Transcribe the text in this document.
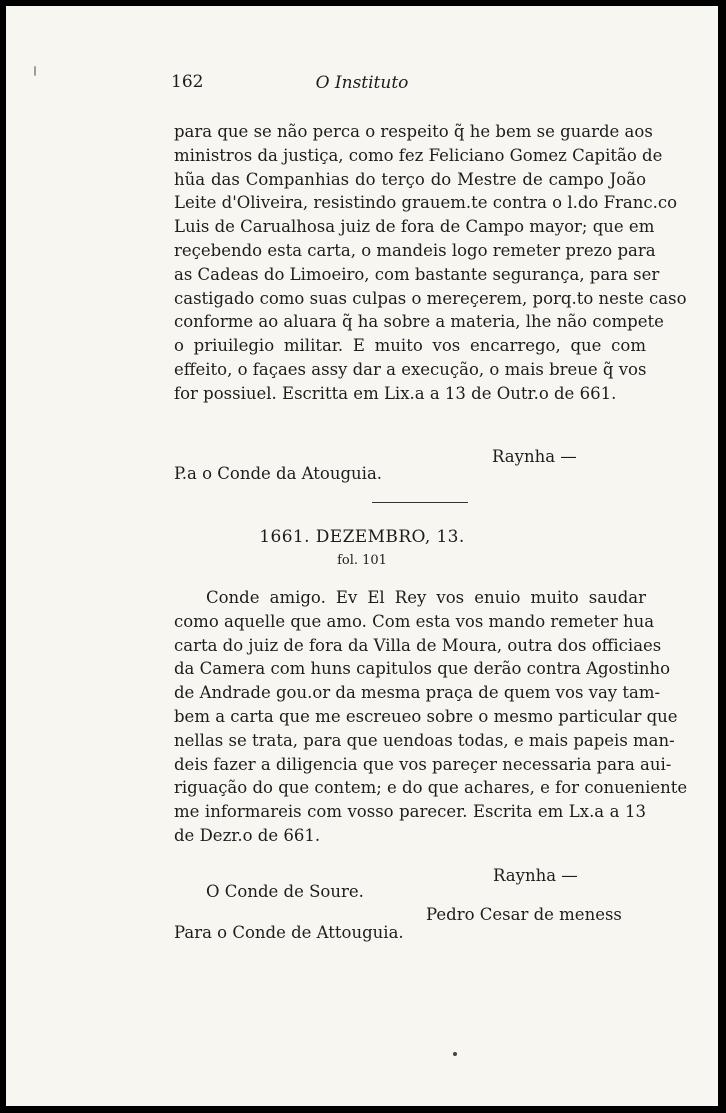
162	O Instituto
para que se não perca o respeito q̃ he bem se guarde aos
ministros da justiça, como fez Feliciano Gomez Capitão de
hũa das Companhias do terço do Mestre de campo João
Leite d'Oliveira, resistindo grauem.te contra o l.do Franc.co
Luis de Carualhosa juiz de fora de Campo mayor; que em
reçebendo esta carta, o mandeis logo remeter prezo para
as Cadeas do Limoeiro, com bastante segurança, para ser
castigado como suas culpas o mereçerem, porq.to neste caso
conforme ao aluara q̃ ha sobre a materia, lhe não compete
o priuilegio militar. E muito vos encarrego, que com
effeito, o façaes assy dar a execução, o mais breue q̃ vos
for possiuel. Escritta em Lix.a a 13 de Outr.o de 661.
Raynha —
P.a o Conde da Atouguia.
1661. DEZEMBRO, 13.
fol. 101
Conde amigo. Ev El Rey vos enuio muito saudar
como aquelle que amo. Com esta vos mando remeter hua
carta do juiz de fora da Villa de Moura, outra dos officiaes
da Camera com huns capitulos que derão contra Agostinho
de Andrade gou.or da mesma praça de quem vos vay tam-
bem a carta que me escreueo sobre o mesmo particular que
nellas se trata, para que uendoas todas, e mais papeis man-
deis fazer a diligencia que vos pareçer necessaria para aui-
riguação do que contem; e do que achares, e for conueniente
me informareis com vosso parecer. Escrita em Lx.a a 13
de Dezr.o de 661.
Raynha —
O Conde de Soure.
Pedro Cesar de meness
Para o Conde de Attouguia.
